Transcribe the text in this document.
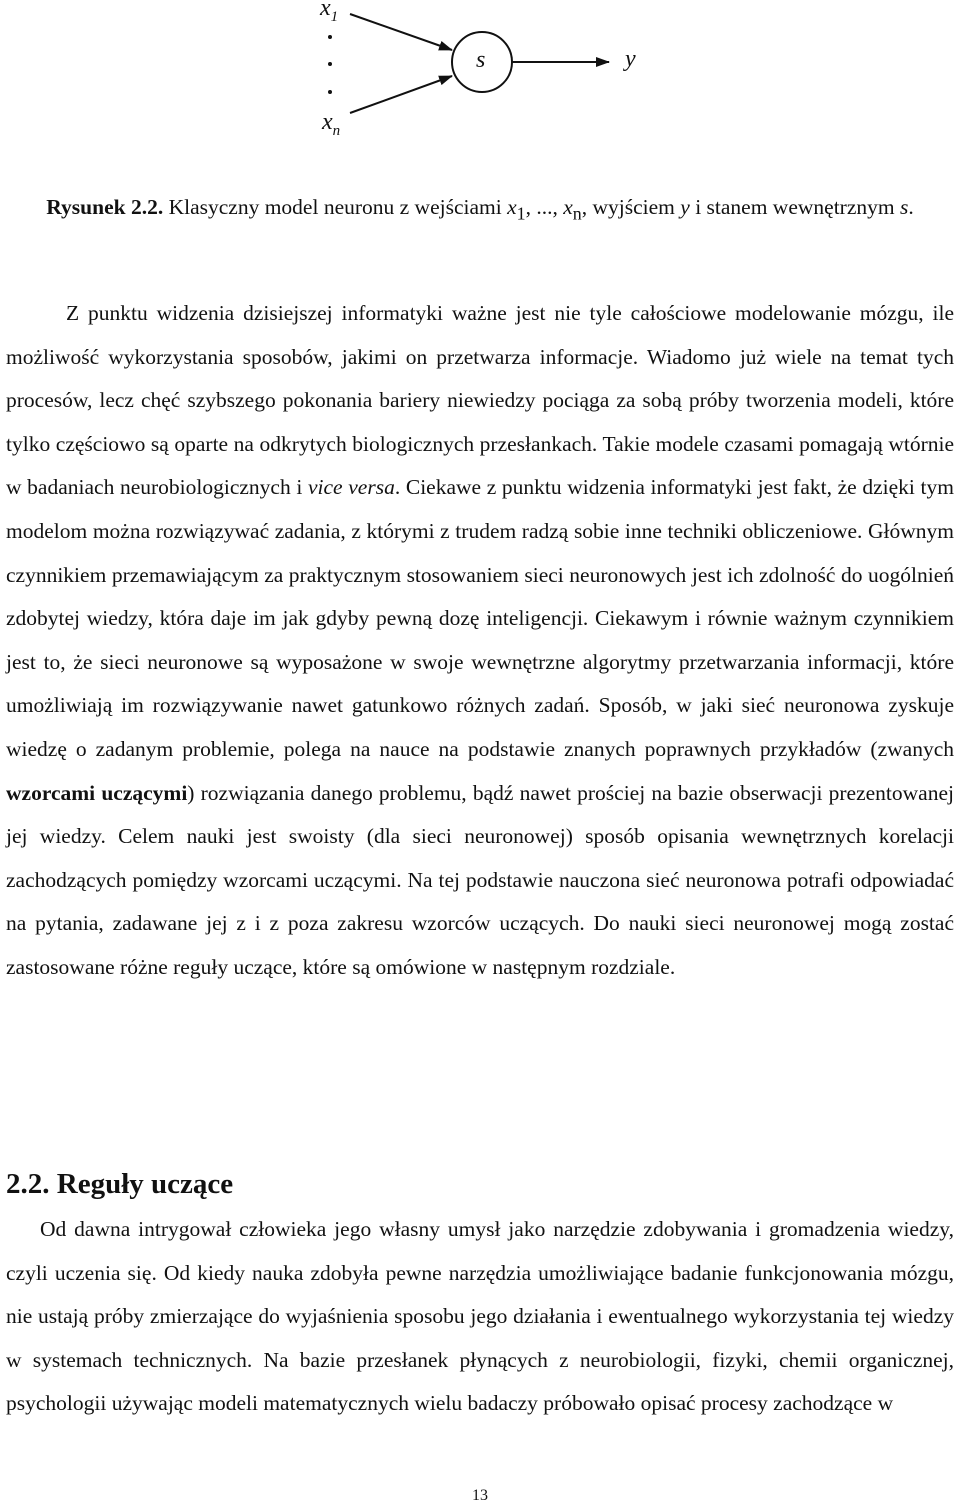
$x_1$
$x_n$
s	y
Rysunek 2.2. Klasyczny model neuronu z wejściami $x_1$, ..., $x_n$, wyjściem y i stanem wewnętrznym s.
Z punktu widzenia dzisiejszej informatyki ważne jest nie tyle całościowe modelowanie mózgu, ile możliwość wykorzystania sposobów, jakimi on przetwarza informacje. Wiadomo już wiele na temat tych procesów, lecz chęć szybszego pokonania bariery niewiedzy pociąga za sobą próby tworzenia modeli, które tylko częściowo są oparte na odkrytych biologicznych przesłankach. Takie modele czasami pomagają wtórnie w badaniach neurobiologicznych i vice versa. Ciekawe z punktu widzenia informatyki jest fakt, że dzięki tym modelom można rozwiązywać zadania, z którymi z trudem radzą sobie inne techniki obliczeniowe. Głównym czynnikiem przemawiającym za praktycznym stosowaniem sieci neuronowych jest ich zdolność do uogólnień zdobytej wiedzy, która daje im jak gdyby pewną dozę inteligencji. Ciekawym i równie ważnym czynnikiem jest to, że sieci neuronowe są wyposażone w swoje wewnętrzne algorytmy przetwarzania informacji, które umożliwiają im rozwiązywanie nawet gatunkowo różnych zadań. Sposób, w jaki sieć neuronowa zyskuje wiedzę o zadanym problemie, polega na nauce na podstawie znanych poprawnych przykładów (zwanych wzorcami uczącymi) rozwiązania danego problemu, bądź nawet prościej na bazie obserwacji prezentowanej jej wiedzy. Celem nauki jest swoisty (dla sieci neuronowej) sposób opisania wewnętrznych korelacji zachodzących pomiędzy wzorcami uczącymi. Na tej podstawie nauczona sieć neuronowa potrafi odpowiadać na pytania, zadawane jej z i z poza zakresu wzorców uczących. Do nauki sieci neuronowej mogą zostać zastosowane różne reguły uczące, które są omówione w następnym rozdziale.
2.2. Reguły uczące
Od dawna intrygował człowieka jego własny umysł jako narzędzie zdobywania i gromadzenia wiedzy, czyli uczenia się. Od kiedy nauka zdobyła pewne narzędzia umożliwiające badanie funkcjonowania mózgu, nie ustają próby zmierzające do wyjaśnienia sposobu jego działania i ewentualnego wykorzystania tej wiedzy w systemach technicznych. Na bazie przesłanek płynących z neurobiologii, fizyki, chemii organicznej, psychologii używając modeli matematycznych wielu badaczy próbowało opisać procesy zachodzące w
13
